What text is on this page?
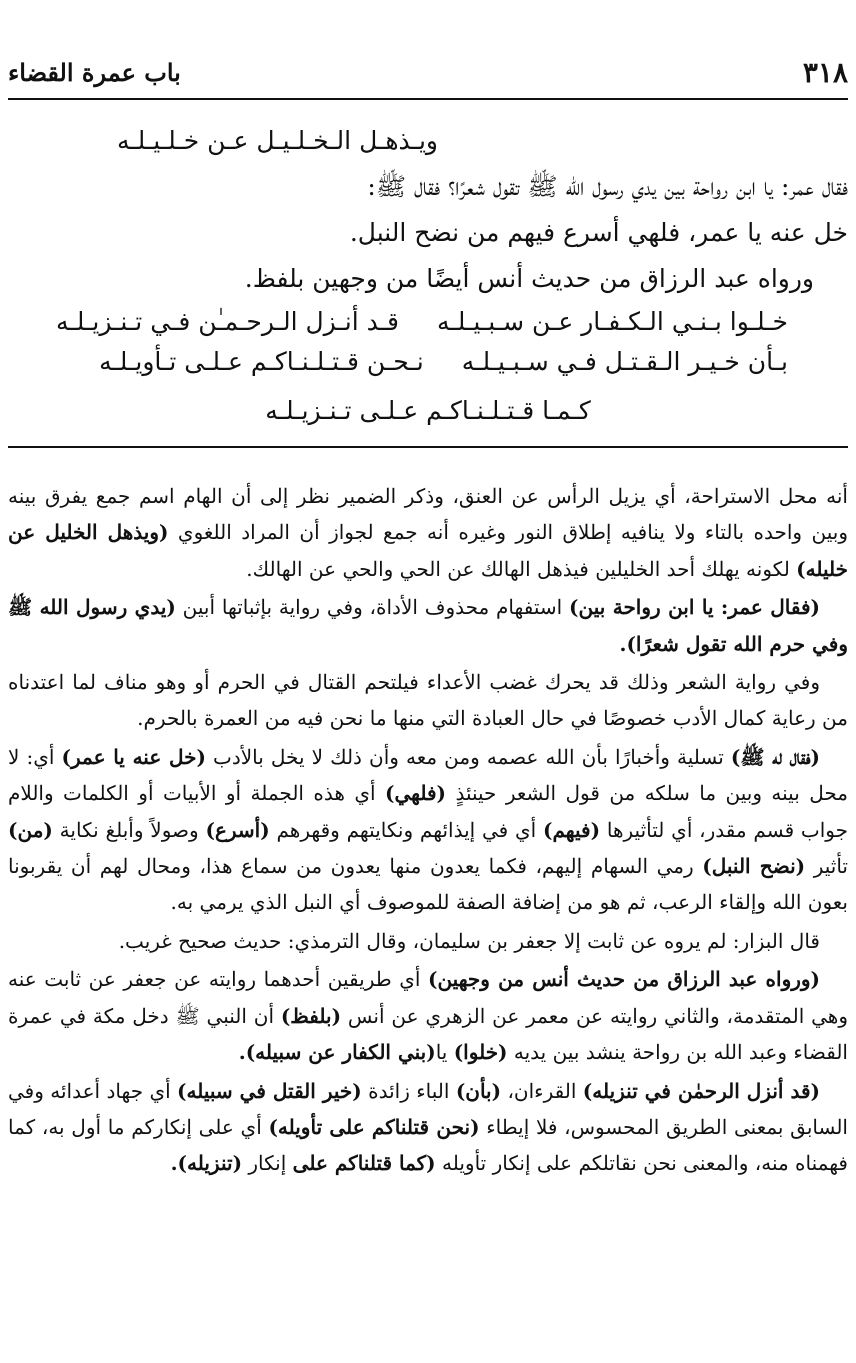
٣١٨
باب عمرة القضاء

ويـذهـل الـخـلـيـل عـن خـلـيـلـه

فقال عمر: يا ابن رواحة بين يدي رسول الله ﷺ تقول شعرًا؟ فقال ﷺ:

خل عنه يا عمر، فلهي أسرع فيهم من نضح النبل.

ورواه عبد الرزاق من حديث أنس أيضًا من وجهين بلفظ.

خـلـوا بـنـي الـكـفـار عـن سـبـيـلـه
قـد أنـزل الـرحـمـٰن فـي تـنـزيـلـه

بـأن خـيـر الـقـتـل فـي سـبـيـلـه
نـحـن قـتـلـنـاكـم عـلـى تـأويـلـه

كـمـا قـتـلـنـاكـم عـلـى تـنـزيـلـه

أنه محل الاستراحة، أي يزيل الرأس عن العنق، وذكر الضمير نظر إلى أن الهام اسم جمع يفرق بينه وبين واحده بالتاء ولا ينافيه إطلاق النور وغيره أنه جمع لجواز أن المراد اللغوي (ويذهل الخليل عن خليله) لكونه يهلك أحد الخليلين فيذهل الهالك عن الحي والحي عن الهالك.

(فقال عمر: يا ابن رواحة بين) استفهام محذوف الأداة، وفي رواية بإثباتها أبين (يدي رسول الله ﷺ وفي حرم الله تقول شعرًا).

وفي رواية الشعر وذلك قد يحرك غضب الأعداء فيلتحم القتال في الحرم أو وهو مناف لما اعتدناه من رعاية كمال الأدب خصوصًا في حال العبادة التي منها ما نحن فيه من العمرة بالحرم.

(فقال له ﷺ) تسلية وأخبارًا بأن الله عصمه ومن معه وأن ذلك لا يخل بالأدب (خل عنه يا عمر) أي: لا محل بينه وبين ما سلكه من قول الشعر حينئذٍ (فلهي) أي هذه الجملة أو الأبيات أو الكلمات واللام جواب قسم مقدر، أي لتأثيرها (فيهم) أي في إيذائهم ونكايتهم وقهرهم (أسرع) وصولاً وأبلغ نكاية (من) تأثير (نضح النبل) رمي السهام إليهم، فكما يعدون منها يعدون من سماع هذا، ومحال لهم أن يقربونا بعون الله وإلقاء الرعب، ثم هو من إضافة الصفة للموصوف أي النبل الذي يرمي به.

قال البزار: لم يروه عن ثابت إلا جعفر بن سليمان، وقال الترمذي: حديث صحيح غريب.

(ورواه عبد الرزاق من حديث أنس من وجهين) أي طريقين أحدهما روايته عن جعفر عن ثابت عنه وهي المتقدمة، والثاني روايته عن معمر عن الزهري عن أنس (بلفظ) أن النبي ﷺ دخل مكة في عمرة القضاء وعبد الله بن رواحة ينشد بين يديه (خلوا) يا(بني الكفار عن سبيله).

(قد أنزل الرحمٰن في تنزيله) القرءان، (بأن) الباء زائدة (خير القتل في سبيله) أي جهاد أعدائه وفي السابق بمعنى الطريق المحسوس، فلا إيطاء (نحن قتلناكم على تأويله) أي على إنكاركم ما أول به، كما فهمناه منه، والمعنى نحن نقاتلكم على إنكار تأويله (كما قتلناكم على إنكار (تنزيله).
